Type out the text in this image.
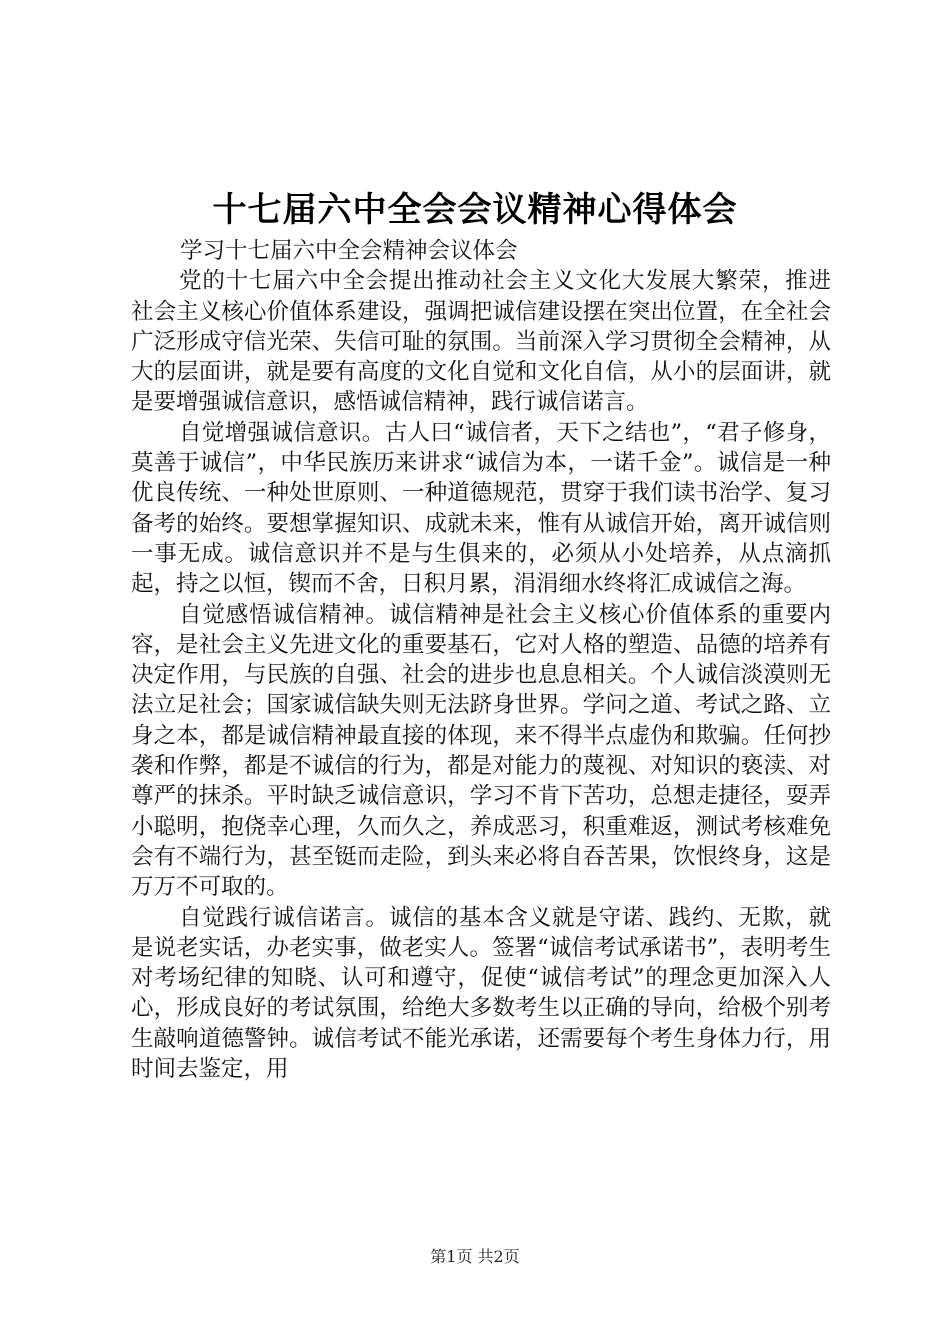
十七届六中全会会议精神心得体会

学习十七届六中全会精神会议体会

党的十七届六中全会提出推动社会主义文化大发展大繁荣，推进社会主义核心价值体系建设，强调把诚信建设摆在突出位置，在全社会广泛形成守信光荣、失信可耻的氛围。当前深入学习贯彻全会精神，从大的层面讲，就是要有高度的文化自觉和文化自信，从小的层面讲，就是要增强诚信意识，感悟诚信精神，践行诚信诺言。

自觉增强诚信意识。古人曰“诚信者，天下之结也”，“君子修身，莫善于诚信”，中华民族历来讲求“诚信为本，一诺千金”。诚信是一种优良传统、一种处世原则、一种道德规范，贯穿于我们读书治学、复习备考的始终。要想掌握知识、成就未来，惟有从诚信开始，离开诚信则一事无成。诚信意识并不是与生俱来的，必须从小处培养，从点滴抓起，持之以恒，锲而不舍，日积月累，涓涓细水终将汇成诚信之海。

自觉感悟诚信精神。诚信精神是社会主义核心价值体系的重要内容，是社会主义先进文化的重要基石，它对人格的塑造、品德的培养有决定作用，与民族的自强、社会的进步也息息相关。个人诚信淡漠则无法立足社会；国家诚信缺失则无法跻身世界。学问之道、考试之路、立身之本，都是诚信精神最直接的体现，来不得半点虚伪和欺骗。任何抄袭和作弊，都是不诚信的行为，都是对能力的蔑视、对知识的亵渎、对尊严的抹杀。平时缺乏诚信意识，学习不肯下苦功，总想走捷径，耍弄小聪明，抱侥幸心理，久而久之，养成恶习，积重难返，测试考核难免会有不端行为，甚至铤而走险，到头来必将自吞苦果，饮恨终身，这是万万不可取的。

自觉践行诚信诺言。诚信的基本含义就是守诺、践约、无欺，就是说老实话，办老实事，做老实人。签署“诚信考试承诺书”，表明考生对考场纪律的知晓、认可和遵守，促使“诚信考试”的理念更加深入人心，形成良好的考试氛围，给绝大多数考生以正确的导向，给极个别考生敲响道德警钟。诚信考试不能光承诺，还需要每个考生身体力行，用时间去鉴定，用

第1页 共2页
